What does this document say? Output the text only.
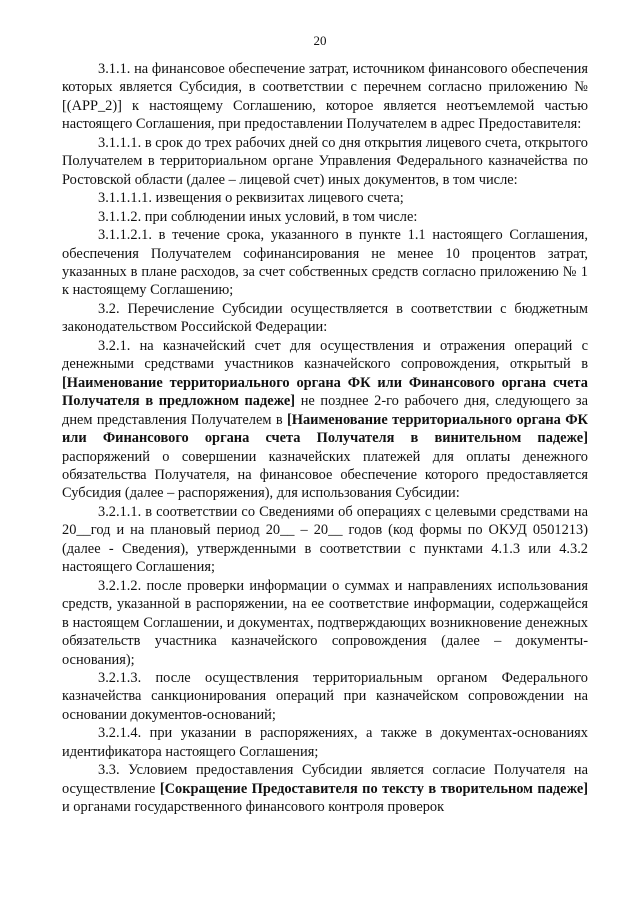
20

3.1.1. на финансовое обеспечение затрат, источником финансового обеспечения которых является Субсидия, в соответствии с перечнем согласно приложению № [(APP_2)] к настоящему Соглашению, которое является неотъемлемой частью настоящего Соглашения, при предоставлении Получателем в адрес Предоставителя:

3.1.1.1. в срок до трех рабочих дней со дня открытия лицевого счета, открытого Получателем в территориальном органе Управления Федерального казначейства по Ростовской области (далее – лицевой счет) иных документов, в том числе:

3.1.1.1.1. извещения о реквизитах лицевого счета;

3.1.1.2. при соблюдении иных условий, в том числе:

3.1.1.2.1. в течение срока, указанного в пункте 1.1 настоящего Соглашения, обеспечения Получателем софинансирования не менее 10 процентов затрат, указанных в плане расходов, за счет собственных средств согласно приложению № 1 к настоящему Соглашению;

3.2. Перечисление Субсидии осуществляется в соответствии с бюджетным законодательством Российской Федерации:

3.2.1. на казначейский счет для осуществления и отражения операций с денежными средствами участников казначейского сопровождения, открытый в [Наименование территориального органа ФК или Финансового органа счета Получателя в предложном падеже] не позднее 2-го рабочего дня, следующего за днем представления Получателем в [Наименование территориального органа ФК или Финансового органа счета Получателя в винительном падеже] распоряжений о совершении казначейских платежей для оплаты денежного обязательства Получателя, на финансовое обеспечение которого предоставляется Субсидия (далее – распоряжения), для использования Субсидии:

3.2.1.1. в соответствии со Сведениями об операциях с целевыми средствами на 20__год и на плановый период 20__ – 20__ годов (код формы по ОКУД 0501213) (далее - Сведения), утвержденными в соответствии с пунктами 4.1.3 или 4.3.2 настоящего Соглашения;

3.2.1.2. после проверки информации о суммах и направлениях использования средств, указанной в распоряжении, на ее соответствие информации, содержащейся в настоящем Соглашении, и документах, подтверждающих возникновение денежных обязательств участника казначейского сопровождения (далее – документы-основания);

3.2.1.3. после осуществления территориальным органом Федерального казначейства санкционирования операций при казначейском сопровождении на основании документов-оснований;

3.2.1.4. при указании в распоряжениях, а также в документах-основаниях идентификатора настоящего Соглашения;

3.3. Условием предоставления Субсидии является согласие Получателя на осуществление [Сокращение Предоставителя по тексту в творительном падеже] и органами государственного финансового контроля проверок
